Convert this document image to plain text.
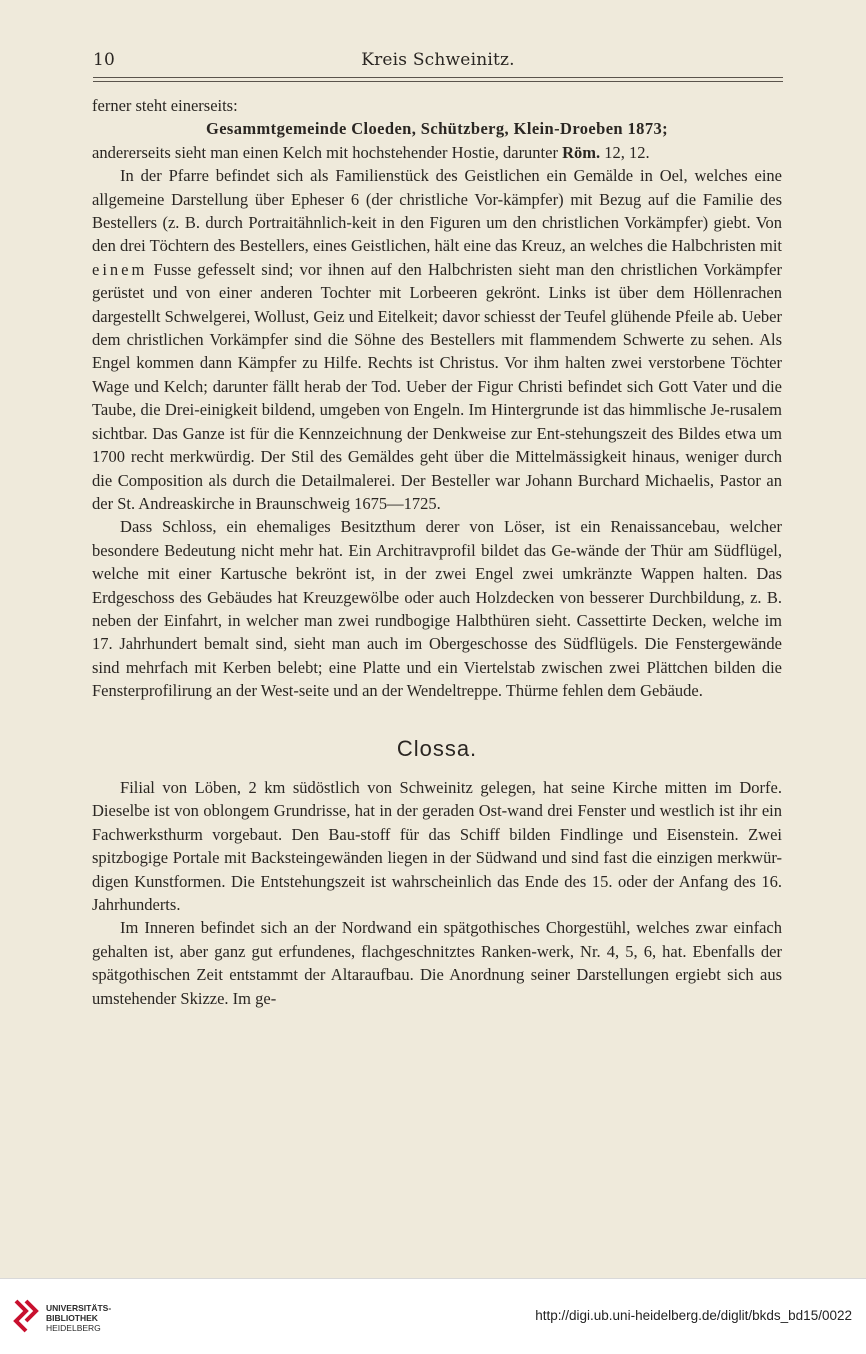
10	Kreis Schweinitz.

ferner steht einerseits:

Gesammtgemeinde Cloeden, Schützberg, Klein-Droeben 1873;

andererseits sieht man einen Kelch mit hochstehender Hostie, darunter Röm. 12, 12.

In der Pfarre befindet sich als Familienstück des Geistlichen ein Gemälde in Oel, welches eine allgemeine Darstellung über Epheser 6 (der christliche Vor-kämpfer) mit Bezug auf die Familie des Bestellers (z. B. durch Portraitähnlich-keit in den Figuren um den christlichen Vorkämpfer) giebt. Von den drei Töchtern des Bestellers, eines Geistlichen, hält eine das Kreuz, an welches die Halbchristen mit einem Fusse gefesselt sind; vor ihnen auf den Halbchristen sieht man den christlichen Vorkämpfer gerüstet und von einer anderen Tochter mit Lorbeeren gekrönt. Links ist über dem Höllenrachen dargestellt Schwelgerei, Wollust, Geiz und Eitelkeit; davor schiesst der Teufel glühende Pfeile ab. Ueber dem christlichen Vorkämpfer sind die Söhne des Bestellers mit flammendem Schwerte zu sehen. Als Engel kommen dann Kämpfer zu Hilfe. Rechts ist Christus. Vor ihm halten zwei verstorbene Töchter Wage und Kelch; darunter fällt herab der Tod. Ueber der Figur Christi befindet sich Gott Vater und die Taube, die Drei-einigkeit bildend, umgeben von Engeln. Im Hintergrunde ist das himmlische Je-rusalem sichtbar. Das Ganze ist für die Kennzeichnung der Denkweise zur Ent-stehungszeit des Bildes etwa um 1700 recht merkwürdig. Der Stil des Gemäldes geht über die Mittelmässigkeit hinaus, weniger durch die Composition als durch die Detailmalerei. Der Besteller war Johann Burchard Michaelis, Pastor an der St. Andreaskirche in Braunschweig 1675—1725.

Dass Schloss, ein ehemaliges Besitzthum derer von Löser, ist ein Renaissancebau, welcher besondere Bedeutung nicht mehr hat. Ein Architravprofil bildet das Ge-wände der Thür am Südflügel, welche mit einer Kartusche bekrönt ist, in der zwei Engel zwei umkränzte Wappen halten. Das Erdgeschoss des Gebäudes hat Kreuzgewölbe oder auch Holzdecken von besserer Durchbildung, z. B. neben der Einfahrt, in welcher man zwei rundbogige Halbthüren sieht. Cassettirte Decken, welche im 17. Jahrhundert bemalt sind, sieht man auch im Obergeschosse des Südflügels. Die Fenstergewände sind mehrfach mit Kerben belebt; eine Platte und ein Viertelstab zwischen zwei Plättchen bilden die Fensterprofilirung an der West-seite und an der Wendeltreppe. Thürme fehlen dem Gebäude.

Clossa.

Filial von Löben, 2 km südöstlich von Schweinitz gelegen, hat seine Kirche mitten im Dorfe. Dieselbe ist von oblongem Grundrisse, hat in der geraden Ost-wand drei Fenster und westlich ist ihr ein Fachwerksthurm vorgebaut. Den Bau-stoff für das Schiff bilden Findlinge und Eisenstein. Zwei spitzbogige Portale mit Backsteingewänden liegen in der Südwand und sind fast die einzigen merkwür-digen Kunstformen. Die Entstehungszeit ist wahrscheinlich das Ende des 15. oder der Anfang des 16. Jahrhunderts.

Im Inneren befindet sich an der Nordwand ein spätgothisches Chorgestühl, welches zwar einfach gehalten ist, aber ganz gut erfundenes, flachgeschnitztes Ranken-werk, Nr. 4, 5, 6, hat. Ebenfalls der spätgothischen Zeit entstammt der Altaraufbau. Die Anordnung seiner Darstellungen ergiebt sich aus umstehender Skizze. Im ge-

UNIVERSITÄTS-
BIBLIOTHEK
HEIDELBERG
http://digi.ub.uni-heidelberg.de/diglit/bkds_bd15/0022
